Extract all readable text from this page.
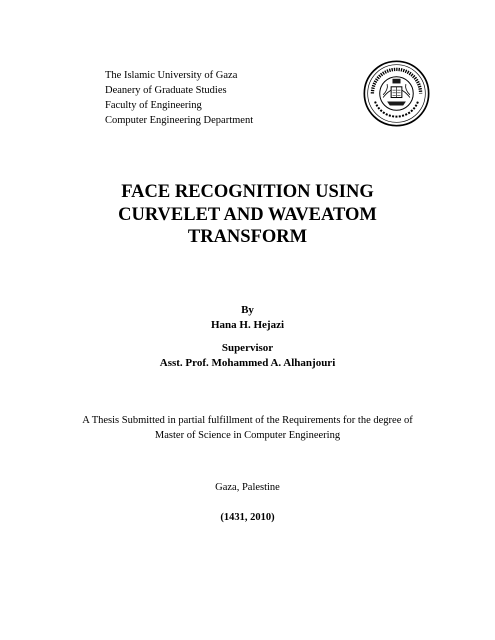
The Islamic University of Gaza
Deanery of Graduate Studies
Faculty of Engineering
Computer Engineering Department
FACE RECOGNITION USING
CURVELET AND WAVEATOM
TRANSFORM
By
Hana H. Hejazi
Supervisor
Asst. Prof. Mohammed A. Alhanjouri
A Thesis Submitted in partial fulfillment of the Requirements for the degree of
Master of Science in Computer Engineering
Gaza, Palestine
(1431, 2010)
